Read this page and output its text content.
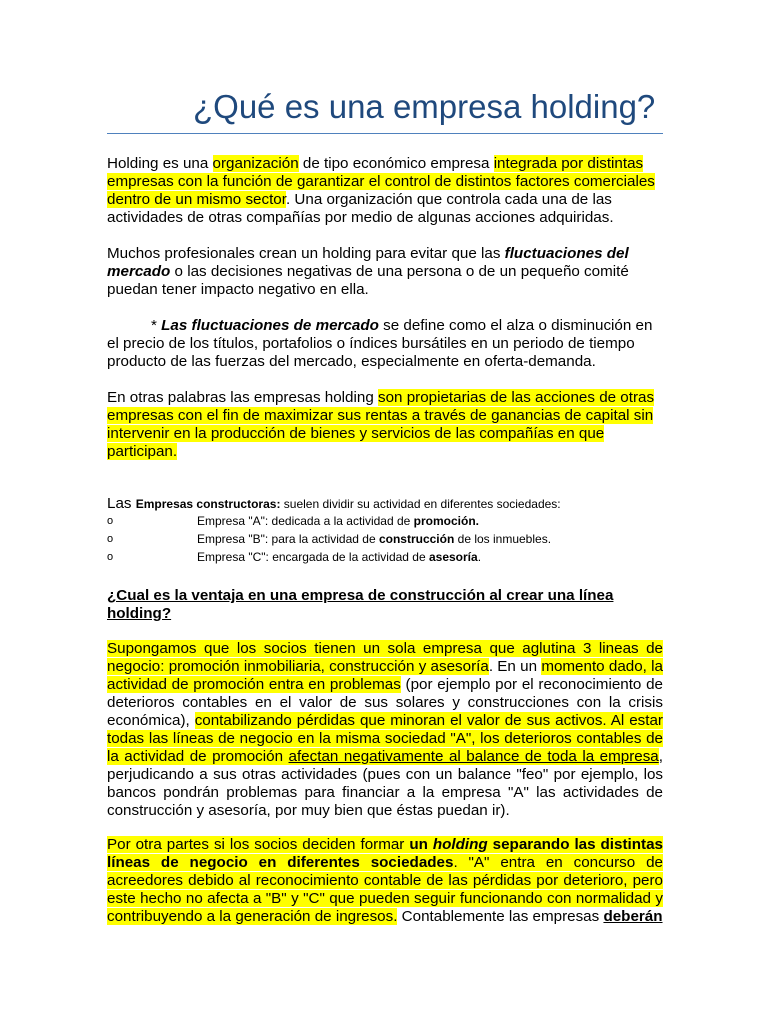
¿Qué es una empresa holding?
Holding es una organización de tipo económico empresa integrada por distintas empresas con la función de garantizar el control de distintos factores comerciales dentro de un mismo sector. Una organización que controla cada una de las actividades de otras compañías por medio de algunas acciones adquiridas.
Muchos profesionales crean un holding para evitar que las fluctuaciones del mercado o las decisiones negativas de una persona o de un pequeño comité puedan tener impacto negativo en ella.
* Las fluctuaciones de mercado se define como el alza o disminución en el precio de los títulos, portafolios o índices bursátiles en un periodo de tiempo producto de las fuerzas del mercado, especialmente en oferta-demanda.
En otras palabras las empresas holding son propietarias de las acciones de otras empresas con el fin de maximizar sus rentas a través de ganancias de capital sin intervenir en la producción de bienes y servicios de las compañías en que participan.
Las Empresas constructoras: suelen dividir su actividad en diferentes sociedades:
o	Empresa "A": dedicada a la actividad de promoción.
o	Empresa "B": para la actividad de construcción de los inmuebles.
o	Empresa "C": encargada de la actividad de asesoría.
¿Cual es la ventaja en una empresa de construcción al crear una línea holding?
Supongamos que los socios tienen un sola empresa que aglutina 3 lineas de negocio: promoción inmobiliaria, construcción y asesoría. En un momento dado, la actividad de promoción entra en problemas (por ejemplo por el reconocimiento de deterioros contables en el valor de sus solares y construcciones con la crisis económica), contabilizando pérdidas que minoran el valor de sus activos. Al estar todas las líneas de negocio en la misma sociedad "A", los deterioros contables de la actividad de promoción afectan negativamente al balance de toda la empresa, perjudicando a sus otras actividades (pues con un balance "feo" por ejemplo, los bancos pondrán problemas para financiar a la empresa "A" las actividades de construcción y asesoría, por muy bien que éstas puedan ir).
Por otra partes si los socios deciden formar un holding separando las distintas líneas de negocio en diferentes sociedades. "A" entra en concurso de acreedores debido al reconocimiento contable de las pérdidas por deterioro, pero este hecho no afecta a "B" y "C" que pueden seguir funcionando con normalidad y contribuyendo a la generación de ingresos. Contablemente las empresas deberán
